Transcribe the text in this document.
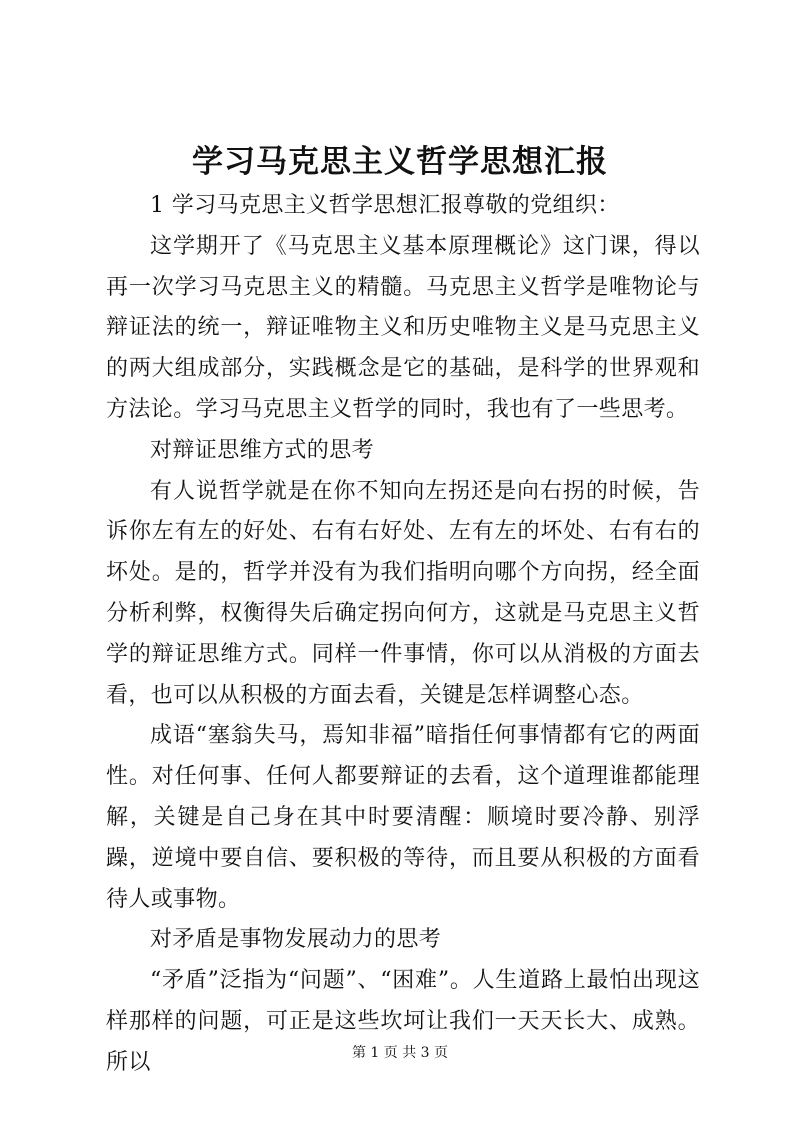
学习马克思主义哲学思想汇报

1 学习马克思主义哲学思想汇报尊敬的党组织：

这学期开了《马克思主义基本原理概论》这门课，得以再一次学习马克思主义的精髓。马克思主义哲学是唯物论与辩证法的统一，辩证唯物主义和历史唯物主义是马克思主义的两大组成部分，实践概念是它的基础，是科学的世界观和方法论。学习马克思主义哲学的同时，我也有了一些思考。

对辩证思维方式的思考

有人说哲学就是在你不知向左拐还是向右拐的时候，告诉你左有左的好处、右有右好处、左有左的坏处、右有右的坏处。是的，哲学并没有为我们指明向哪个方向拐，经全面分析利弊，权衡得失后确定拐向何方，这就是马克思主义哲学的辩证思维方式。同样一件事情，你可以从消极的方面去看，也可以从积极的方面去看，关键是怎样调整心态。

成语“塞翁失马，焉知非福”暗指任何事情都有它的两面性。对任何事、任何人都要辩证的去看，这个道理谁都能理解，关键是自己身在其中时要清醒：顺境时要冷静、别浮躁，逆境中要自信、要积极的等待，而且要从积极的方面看待人或事物。

对矛盾是事物发展动力的思考

“矛盾”泛指为“问题”、“困难”。人生道路上最怕出现这样那样的问题，可正是这些坎坷让我们一天天长大、成熟。所以	第 1 页 共 3 页
